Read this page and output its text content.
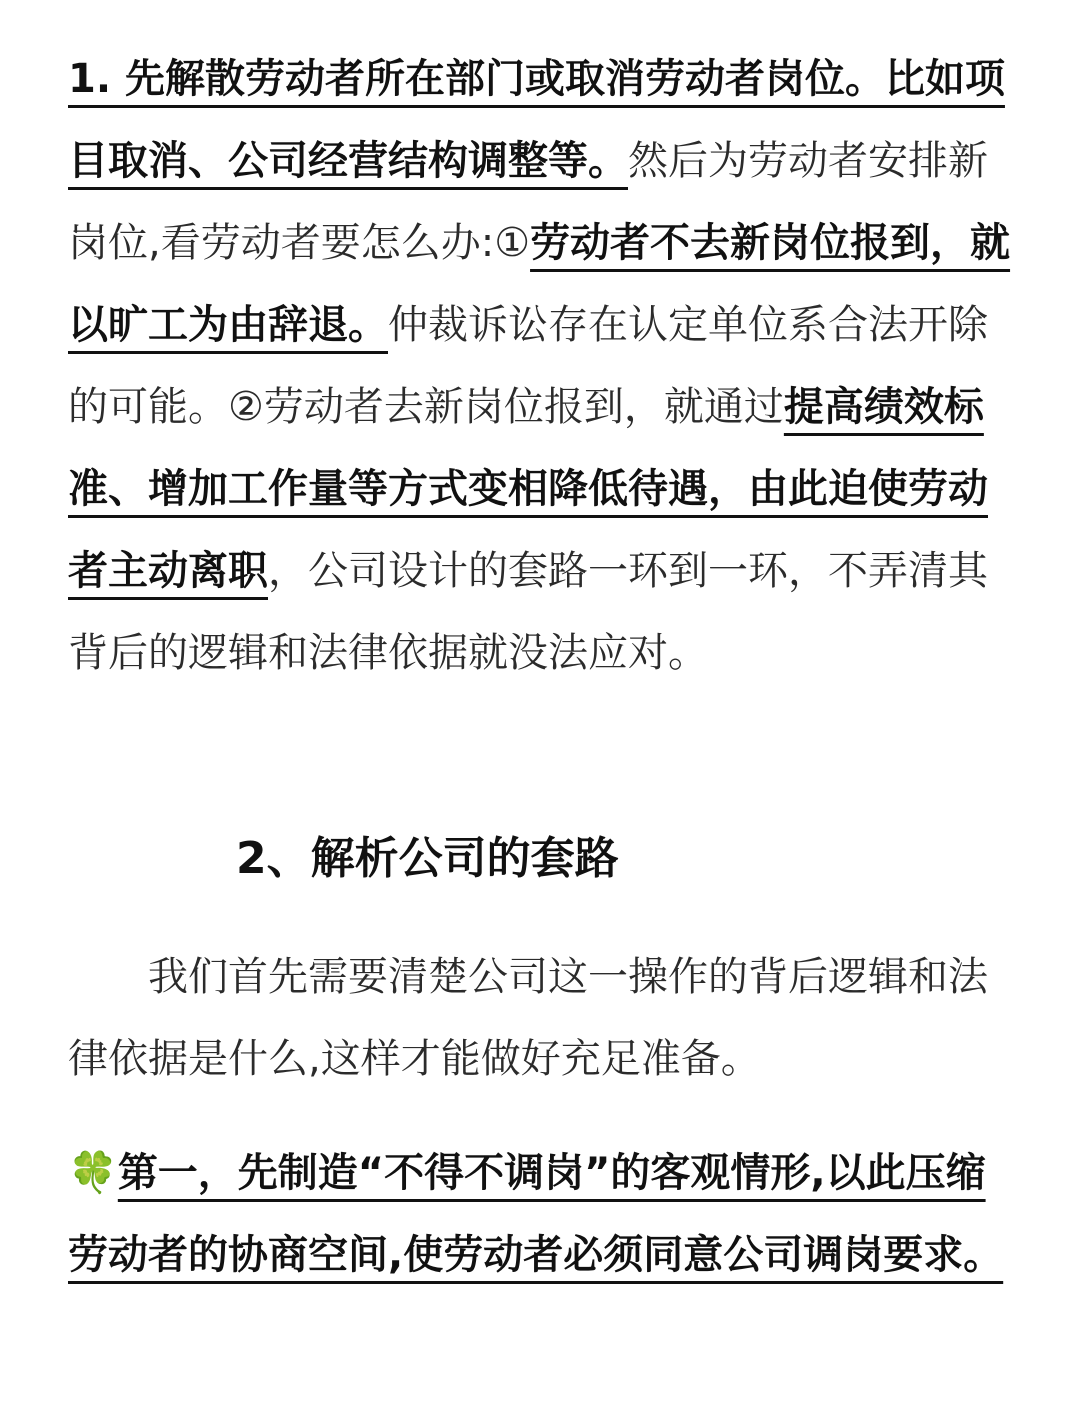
1. 先解散劳动者所在部门或取消劳动者岗位。比如项目取消、公司经营结构调整等。然后为劳动者安排新岗位,看劳动者要怎么办:①劳动者不去新岗位报到，就以旷工为由辞退。仲裁诉讼存在认定单位系合法开除的可能。②劳动者去新岗位报到，就通过提高绩效标准、增加工作量等方式变相降低待遇，由此迫使劳动者主动离职，公司设计的套路一环到一环，不弄清其背后的逻辑和法律依据就没法应对。

2、解析公司的套路

我们首先需要清楚公司这一操作的背后逻辑和法律依据是什么,这样才能做好充足准备。

🍀第一，先制造“不得不调岗”的客观情形,以此压缩劳动者的协商空间,使劳动者必须同意公司调岗要求。
